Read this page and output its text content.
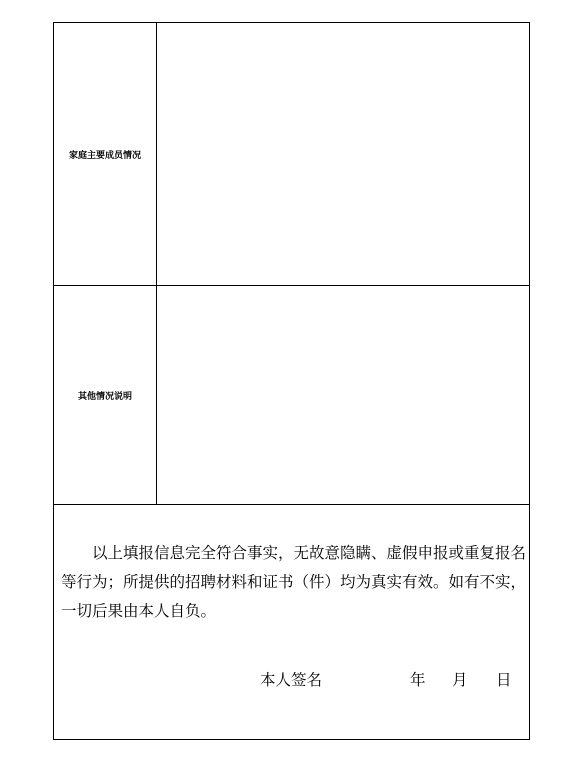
家庭主要成员情况
其他情况说明

以上填报信息完全符合事实，无故意隐瞒、虚假申报或重复报名等行为；所提供的招聘材料和证书（件）均为真实有效。如有不实，一切后果由本人自负。

本人签名	年 月 日
